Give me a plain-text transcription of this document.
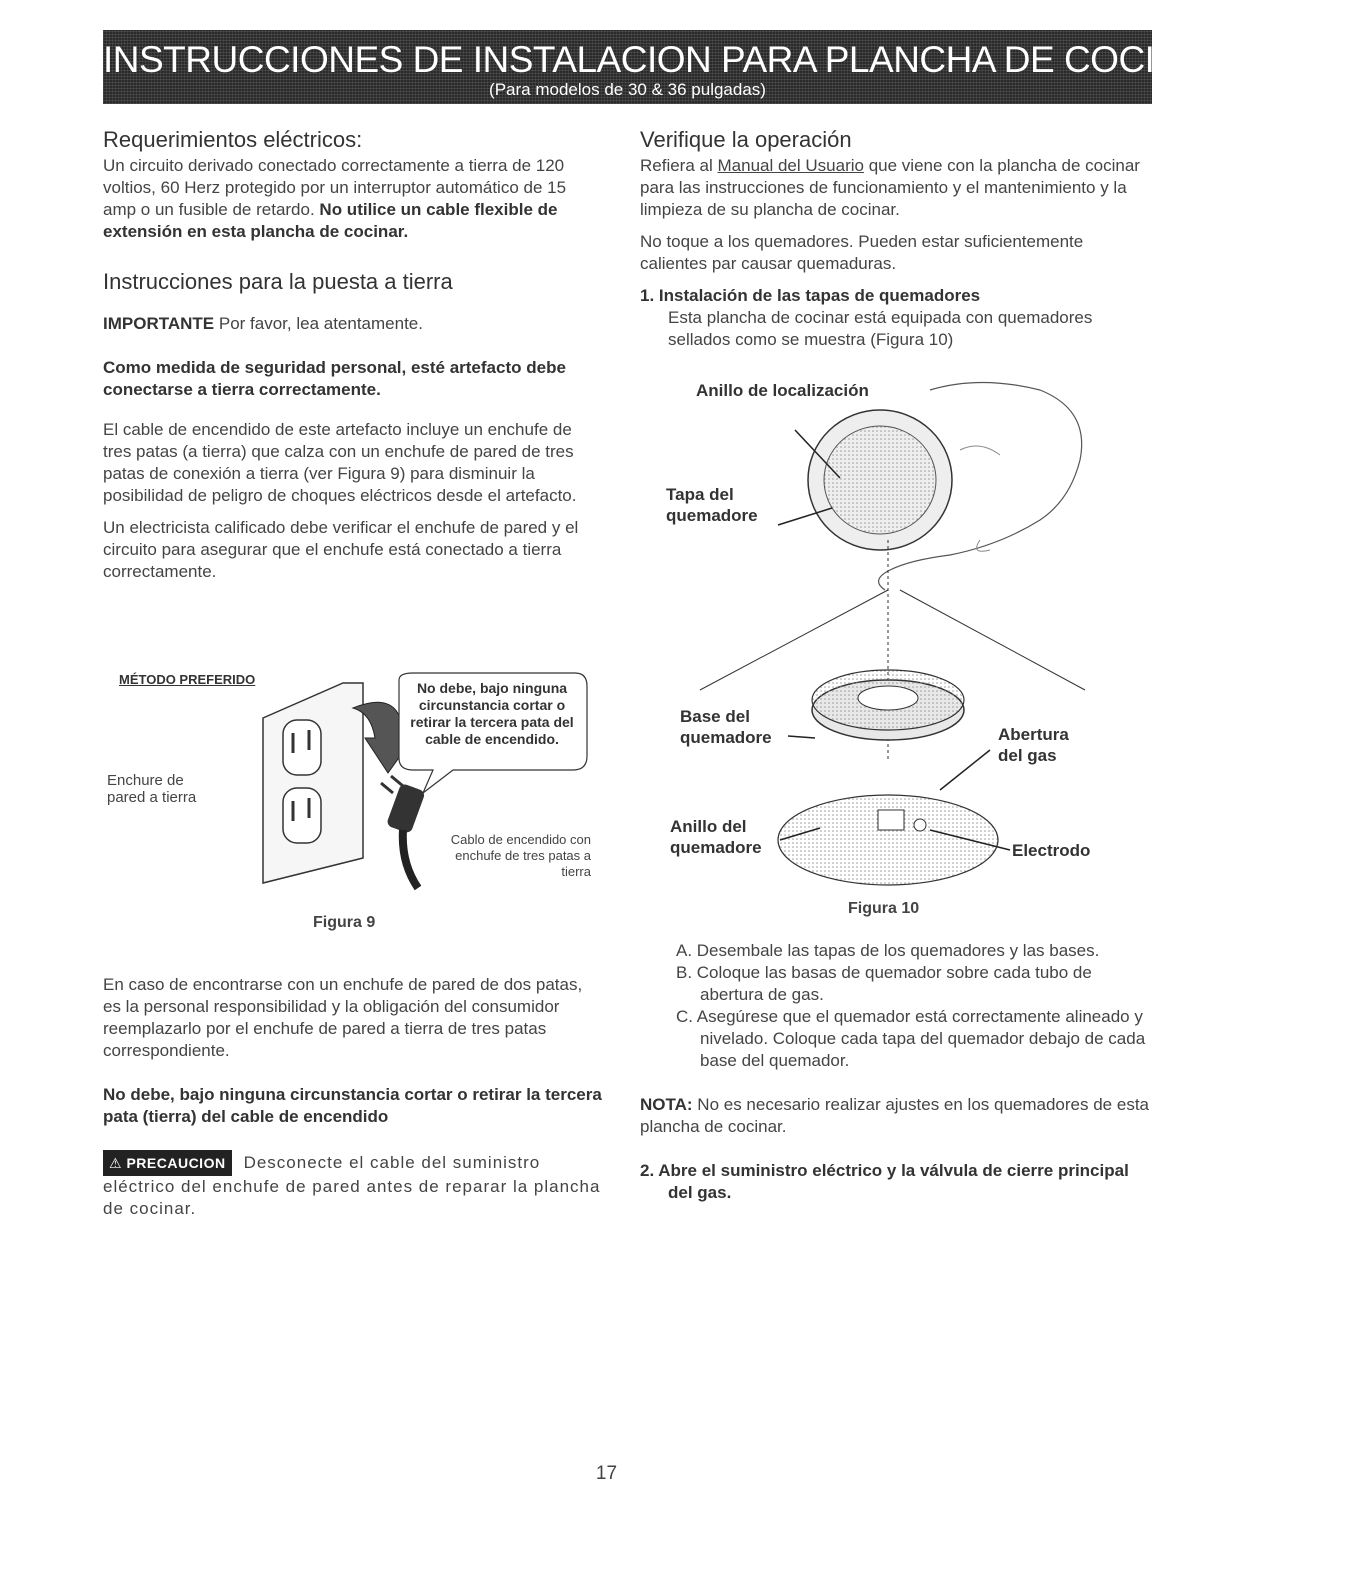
INSTRUCCIONES DE INSTALACION PARA PLANCHA DE COCINAR A GAS
(Para modelos de 30 & 36 pulgadas)
Requerimientos eléctricos:

Un circuito derivado conectado correctamente a tierra de 120 voltios, 60 Herz protegido por un interruptor automático de 15 amp o un fusible de retardo. No utilice un cable flexible de extensión en esta plancha de cocinar.

Instrucciones para la puesta a tierra

IMPORTANTE Por favor, lea atentamente.

Como medida de seguridad personal, esté artefacto debe conectarse a tierra correctamente.

El cable de encendido de este artefacto incluye un enchufe de tres patas (a tierra) que calza con un enchufe de pared de tres patas de conexión a tierra (ver Figura 9) para disminuir la posibilidad de peligro de choques eléctricos desde el artefacto.

Un electricista calificado debe verificar el enchufe de pared y el circuito para asegurar que el enchufe está conectado a tierra correctamente.

MÉTODO PREFERIDO
Enchure de pared a tierra
No debe, bajo ninguna circunstancia cortar o retirar la tercera pata del cable de encendido.
Cablo de encendido con enchufe de tres patas a tierra
Figura 9

En caso de encontrarse con un enchufe de pared de dos patas, es la personal responsibilidad y la obligación del consumidor reemplazarlo por el enchufe de pared a tierra de tres patas correspondiente.

No debe, bajo ninguna circunstancia cortar o retirar la tercera pata (tierra) del cable de encendido

⚠ PRECAUCION Desconecte el cable del suministro eléctrico del enchufe de pared antes de reparar la plancha de cocinar.

Verifique la operación

Refiera al Manual del Usuario que viene con la plancha de cocinar para las instrucciones de funcionamiento y el mantenimiento y la limpieza de su plancha de cocinar.

No toque a los quemadores. Pueden estar suficientemente calientes par causar quemaduras.

1. Instalación de las tapas de quemadores

Esta plancha de cocinar está equipada con quemadores sellados como se muestra (Figura 10)

Anillo de localización
Tapa del quemadore
Base del quemadore	Abertura del gas
Anillo del quemadore	Electrodo
Figura 10
A. Desembale las tapas de los quemadores y las bases.
B. Coloque las basas de quemador sobre cada tubo de abertura de gas.
C. Asegúrese que el quemador está correctamente alineado y nivelado. Coloque cada tapa del quemador debajo de cada base del quemador.

NOTA: No es necesario realizar ajustes en los quemadores de esta plancha de cocinar.

2. Abre el suministro eléctrico y la válvula de cierre principal del gas.

17
